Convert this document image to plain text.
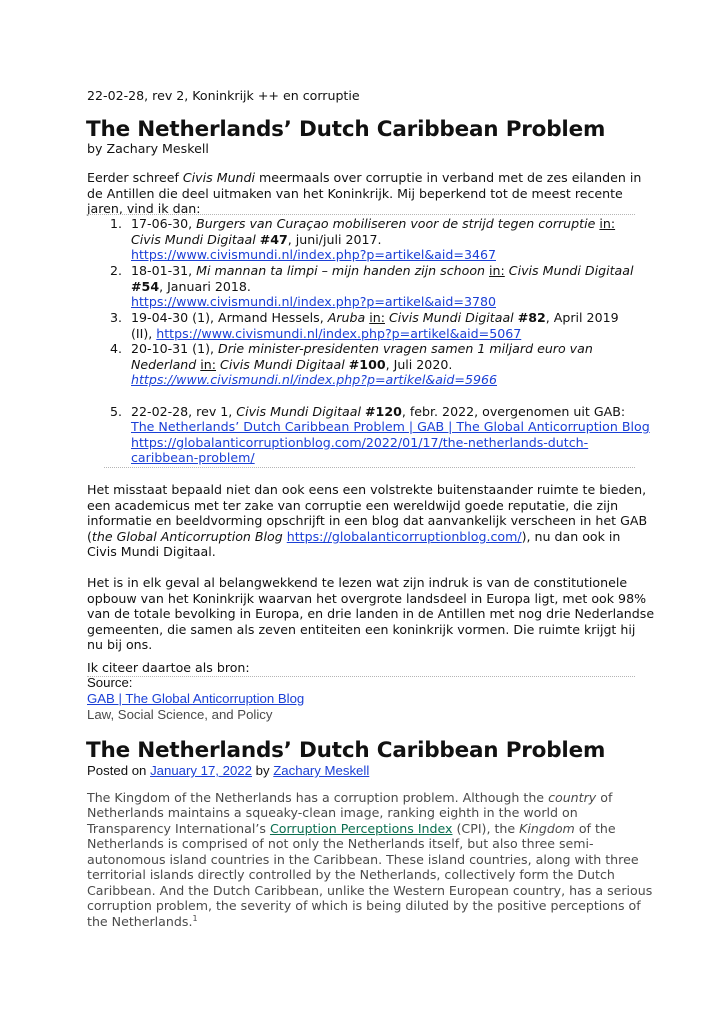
22-02-28, rev 2, Koninkrijk ++ en corruptie
The Netherlands’ Dutch Caribbean Problem
by Zachary Meskell
Eerder schreef Civis Mundi meermaals over corruptie in verband met de zes eilanden in
de Antillen die deel uitmaken van het Koninkrijk. Mij beperkend tot de meest recente
jaren, vind ik dan:
1. 17-06-30, Burgers van Curaçao mobiliseren voor de strijd tegen corruptie in:
Civis Mundi Digitaal #47, juni/juli 2017.
https://www.civismundi.nl/index.php?p=artikel&aid=3467
2. 18-01-31, Mi mannan ta limpi – mijn handen zijn schoon in: Civis Mundi Digitaal
#54, Januari 2018.
https://www.civismundi.nl/index.php?p=artikel&aid=3780
3. 19-04-30 (1), Armand Hessels, Aruba in: Civis Mundi Digitaal #82, April 2019
(II), https://www.civismundi.nl/index.php?p=artikel&aid=5067
4. 20-10-31 (1), Drie minister-presidenten vragen samen 1 miljard euro van
Nederland in: Civis Mundi Digitaal #100, Juli 2020.
https://www.civismundi.nl/index.php?p=artikel&aid=5966
5. 22-02-28, rev 1, Civis Mundi Digitaal #120, febr. 2022, overgenomen uit GAB:
The Netherlands’ Dutch Caribbean Problem | GAB | The Global Anticorruption Blog
https://globalanticorruptionblog.com/2022/01/17/the-netherlands-dutch-
caribbean-problem/
Het misstaat bepaald niet dan ook eens een volstrekte buitenstaander ruimte te bieden,
een academicus met ter zake van corruptie een wereldwijd goede reputatie, die zijn
informatie en beeldvorming opschrijft in een blog dat aanvankelijk verscheen in het GAB
(the Global Anticorruption Blog https://globalanticorruptionblog.com/), nu dan ook in
Civis Mundi Digitaal.
Het is in elk geval al belangwekkend te lezen wat zijn indruk is van de constitutionele
opbouw van het Koninkrijk waarvan het overgrote landsdeel in Europa ligt, met ook 98%
van de totale bevolking in Europa, en drie landen in de Antillen met nog drie Nederlandse
gemeenten, die samen als zeven entiteiten een koninkrijk vormen. Die ruimte krijgt hij
nu bij ons.
Ik citeer daartoe als bron:
Source:
GAB | The Global Anticorruption Blog
Law, Social Science, and Policy
The Netherlands’ Dutch Caribbean Problem
Posted on January 17, 2022 by Zachary Meskell
The Kingdom of the Netherlands has a corruption problem. Although the country of
Netherlands maintains a squeaky-clean image, ranking eighth in the world on
Transparency International’s Corruption Perceptions Index (CPI), the Kingdom of the
Netherlands is comprised of not only the Netherlands itself, but also three semi-
autonomous island countries in the Caribbean. These island countries, along with three
territorial islands directly controlled by the Netherlands, collectively form the Dutch
Caribbean. And the Dutch Caribbean, unlike the Western European country, has a serious
corruption problem, the severity of which is being diluted by the positive perceptions of
the Netherlands.$^1$
